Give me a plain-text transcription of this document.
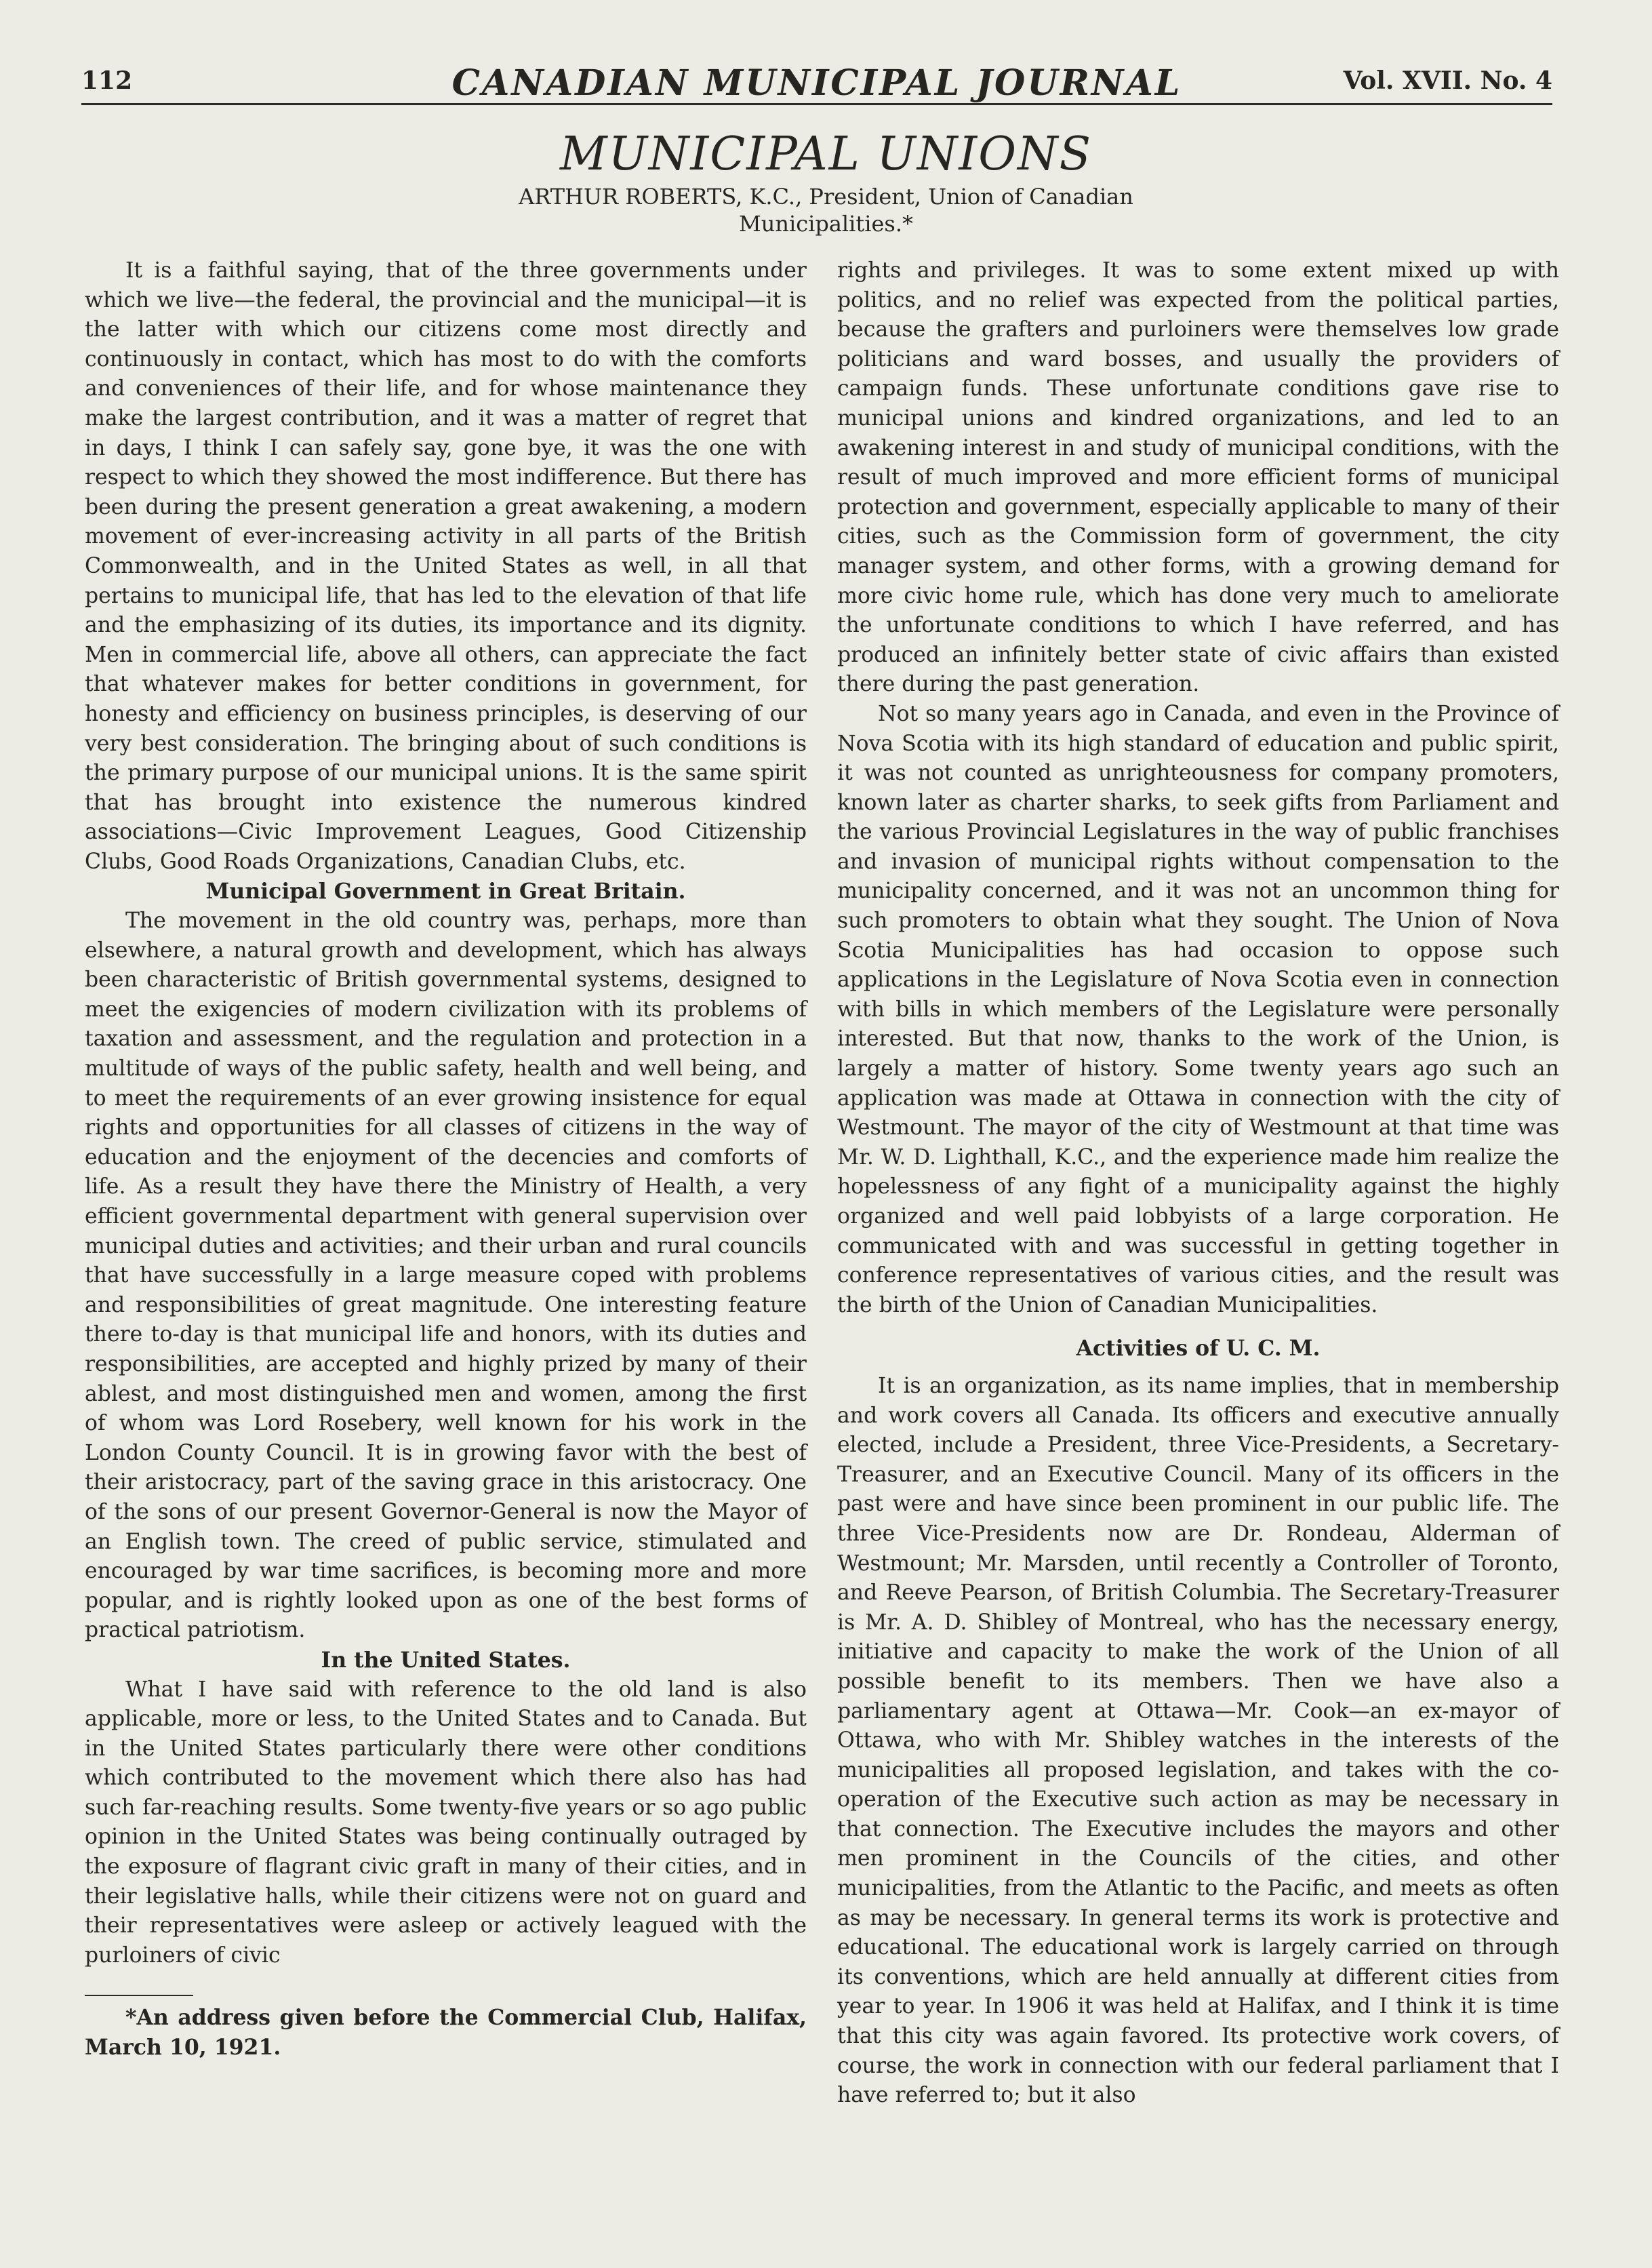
112	CANADIAN MUNICIPAL JOURNAL	Vol. XVII. No. 4
MUNICIPAL UNIONS
ARTHUR ROBERTS, K.C., President, Union of Canadian
Municipalities.*

It is a faithful saying, that of the three governments under which we live—the federal, the provincial and the municipal—it is the latter with which our citizens come most directly and continuously in contact, which has most to do with the comforts and conveniences of their life, and for whose maintenance they make the largest contribution, and it was a matter of regret that in days, I think I can safely say, gone bye, it was the one with respect to which they showed the most indifference. But there has been during the present generation a great awakening, a modern movement of ever-increasing activity in all parts of the British Commonwealth, and in the United States as well, in all that pertains to municipal life, that has led to the elevation of that life and the emphasizing of its duties, its importance and its dignity. Men in commercial life, above all others, can appreciate the fact that whatever makes for better conditions in government, for honesty and efficiency on business principles, is deserving of our very best consideration. The bringing about of such conditions is the primary purpose of our municipal unions. It is the same spirit that has brought into existence the numerous kindred associations—Civic Improvement Leagues, Good Citizenship Clubs, Good Roads Organizations, Canadian Clubs, etc.

Municipal Government in Great Britain.

The movement in the old country was, perhaps, more than elsewhere, a natural growth and development, which has always been characteristic of British governmental systems, designed to meet the exigencies of modern civilization with its problems of taxation and assessment, and the regulation and protection in a multitude of ways of the public safety, health and well being, and to meet the requirements of an ever growing insistence for equal rights and opportunities for all classes of citizens in the way of education and the enjoyment of the decencies and comforts of life. As a result they have there the Ministry of Health, a very efficient governmental department with general supervision over municipal duties and activities; and their urban and rural councils that have successfully in a large measure coped with problems and responsibilities of great magnitude. One interesting feature there to-day is that municipal life and honors, with its duties and responsibilities, are accepted and highly prized by many of their ablest, and most distinguished men and women, among the first of whom was Lord Rosebery, well known for his work in the London County Council. It is in growing favor with the best of their aristocracy, part of the saving grace in this aristocracy. One of the sons of our present Governor-General is now the Mayor of an English town. The creed of public service, stimulated and encouraged by war time sacrifices, is becoming more and more popular, and is rightly looked upon as one of the best forms of practical patriotism.

In the United States.

What I have said with reference to the old land is also applicable, more or less, to the United States and to Canada. But in the United States particularly there were other conditions which contributed to the movement which there also has had such far-reaching results. Some twenty-five years or so ago public opinion in the United States was being continually outraged by the exposure of flagrant civic graft in many of their cities, and in their legislative halls, while their citizens were not on guard and their representatives were asleep or actively leagued with the purloiners of civic

*An address given before the Commercial Club, Halifax, March 10, 1921.

rights and privileges. It was to some extent mixed up with politics, and no relief was expected from the political parties, because the grafters and purloiners were themselves low grade politicians and ward bosses, and usually the providers of campaign funds. These unfortunate conditions gave rise to municipal unions and kindred organizations, and led to an awakening interest in and study of municipal conditions, with the result of much improved and more efficient forms of municipal protection and government, especially applicable to many of their cities, such as the Commission form of government, the city manager system, and other forms, with a growing demand for more civic home rule, which has done very much to ameliorate the unfortunate conditions to which I have referred, and has produced an infinitely better state of civic affairs than existed there during the past generation.

Not so many years ago in Canada, and even in the Province of Nova Scotia with its high standard of education and public spirit, it was not counted as unrighteousness for company promoters, known later as charter sharks, to seek gifts from Parliament and the various Provincial Legislatures in the way of public franchises and invasion of municipal rights without compensation to the municipality concerned, and it was not an uncommon thing for such promoters to obtain what they sought. The Union of Nova Scotia Municipalities has had occasion to oppose such applications in the Legislature of Nova Scotia even in connection with bills in which members of the Legislature were personally interested. But that now, thanks to the work of the Union, is largely a matter of history. Some twenty years ago such an application was made at Ottawa in connection with the city of Westmount. The mayor of the city of Westmount at that time was Mr. W. D. Lighthall, K.C., and the experience made him realize the hopelessness of any fight of a municipality against the highly organized and well paid lobbyists of a large corporation. He communicated with and was successful in getting together in conference representatives of various cities, and the result was the birth of the Union of Canadian Municipalities.

Activities of U. C. M.

It is an organization, as its name implies, that in membership and work covers all Canada. Its officers and executive annually elected, include a President, three Vice-Presidents, a Secretary-Treasurer, and an Executive Council. Many of its officers in the past were and have since been prominent in our public life. The three Vice-Presidents now are Dr. Rondeau, Alderman of Westmount; Mr. Marsden, until recently a Controller of Toronto, and Reeve Pearson, of British Columbia. The Secretary-Treasurer is Mr. A. D. Shibley of Montreal, who has the necessary energy, initiative and capacity to make the work of the Union of all possible benefit to its members. Then we have also a parliamentary agent at Ottawa—Mr. Cook—an ex-mayor of Ottawa, who with Mr. Shibley watches in the interests of the municipalities all proposed legislation, and takes with the co-operation of the Executive such action as may be necessary in that connection. The Executive includes the mayors and other men prominent in the Councils of the cities, and other municipalities, from the Atlantic to the Pacific, and meets as often as may be necessary. In general terms its work is protective and educational. The educational work is largely carried on through its conventions, which are held annually at different cities from year to year. In 1906 it was held at Halifax, and I think it is time that this city was again favored. Its protective work covers, of course, the work in connection with our federal parliament that I have referred to; but it also
